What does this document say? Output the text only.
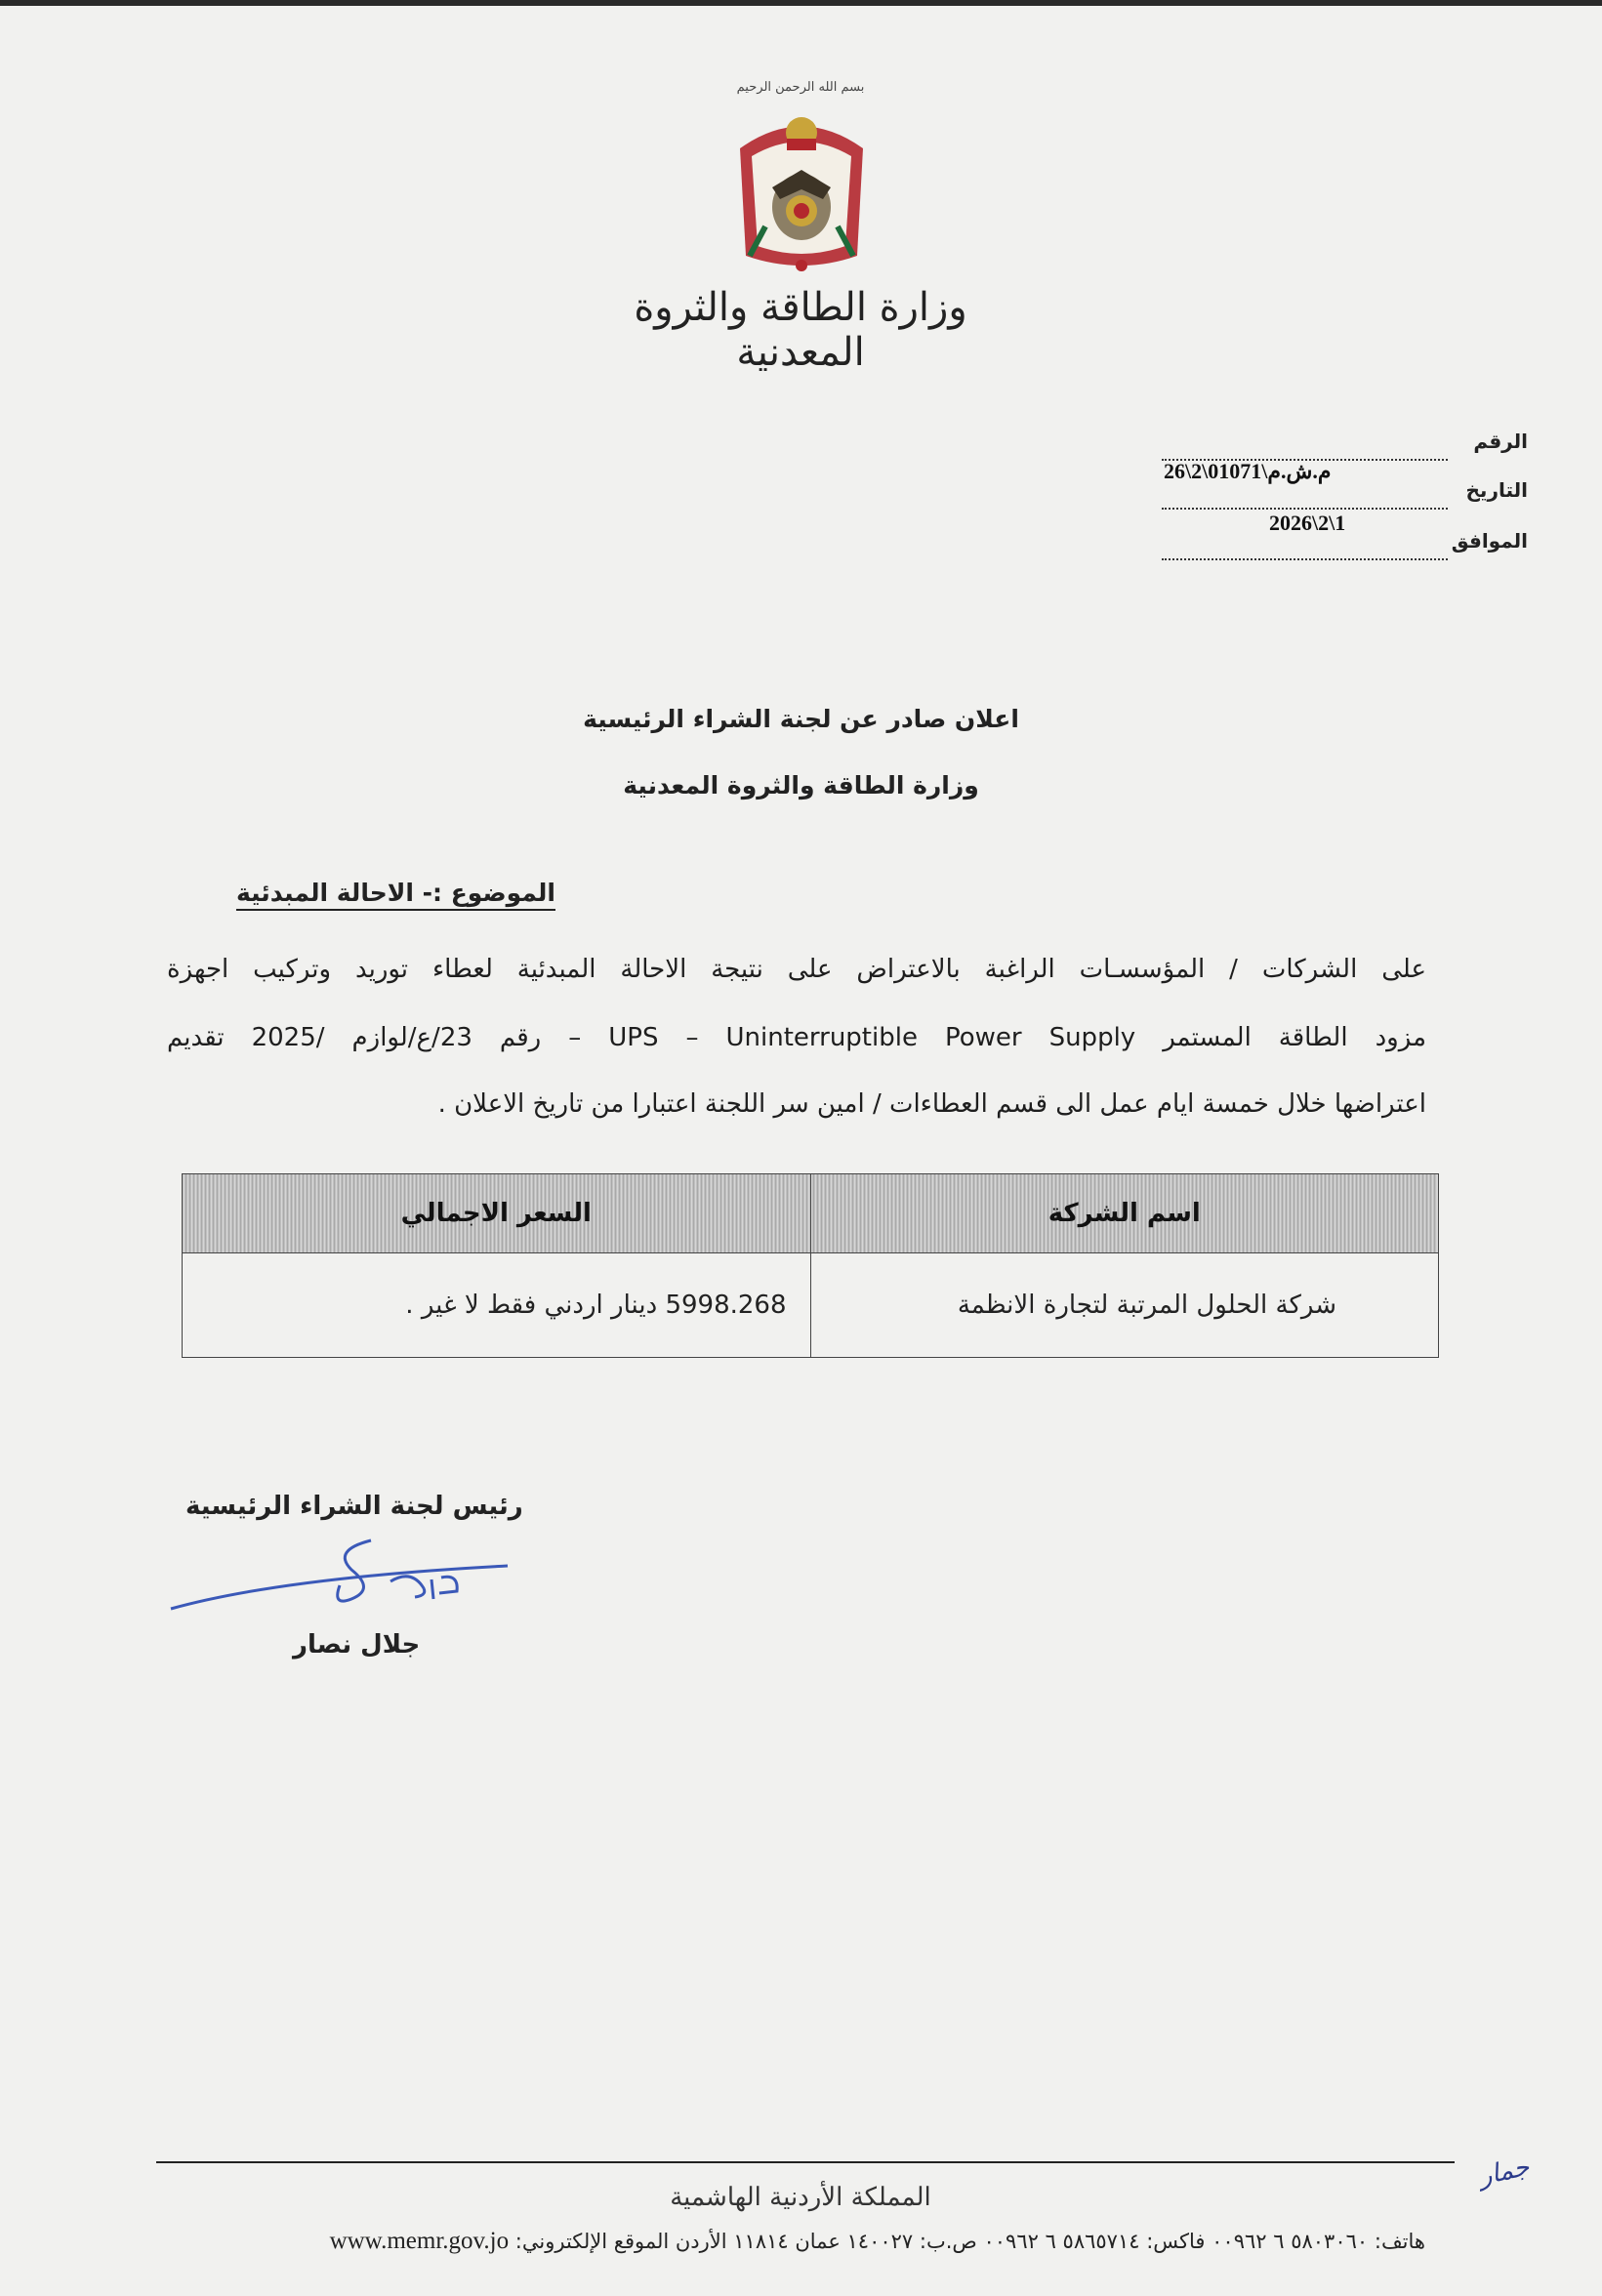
بسم الله الرحمن الرحيم
وزارة الطاقة والثروة المعدنية
الرقم
م.ش.م\01071\2\26
التاريخ
2026\2\1
الموافق
اعلان صادر عن لجنة الشراء الرئيسية
وزارة الطاقة والثروة المعدنية
الموضوع :- الاحالة المبدئية
على الشركات / المؤسسـات الراغبة بالاعتراض على نتيجة الاحالة المبدئية لعطاء توريد وتركيب اجهزة
مزود الطاقة المستمر UPS – Uninterruptible Power Supply – رقم 23/ع/لوازم /2025 تقديم
اعتراضها خلال خمسة ايام عمل الى قسم العطاءات / امين سر اللجنة اعتبارا من تاريخ الاعلان .
اسم الشركة	السعر الاجمالي
شركة الحلول المرتبة لتجارة الانظمة	5998.268 دينار اردني فقط لا غير .
رئيس لجنة الشراء الرئيسية
جلال نصار
المملكة الأردنية الهاشمية
هاتف: ٥٨٠٣٠٦٠ ٦ ٠٠٩٦٢ فاكس: ٥٨٦٥٧١٤ ٦ ٠٠٩٦٢ ص.ب: ١٤٠٠٢٧ عمان ١١٨١٤ الأردن الموقع الإلكتروني: www.memr.gov.jo
جمار
